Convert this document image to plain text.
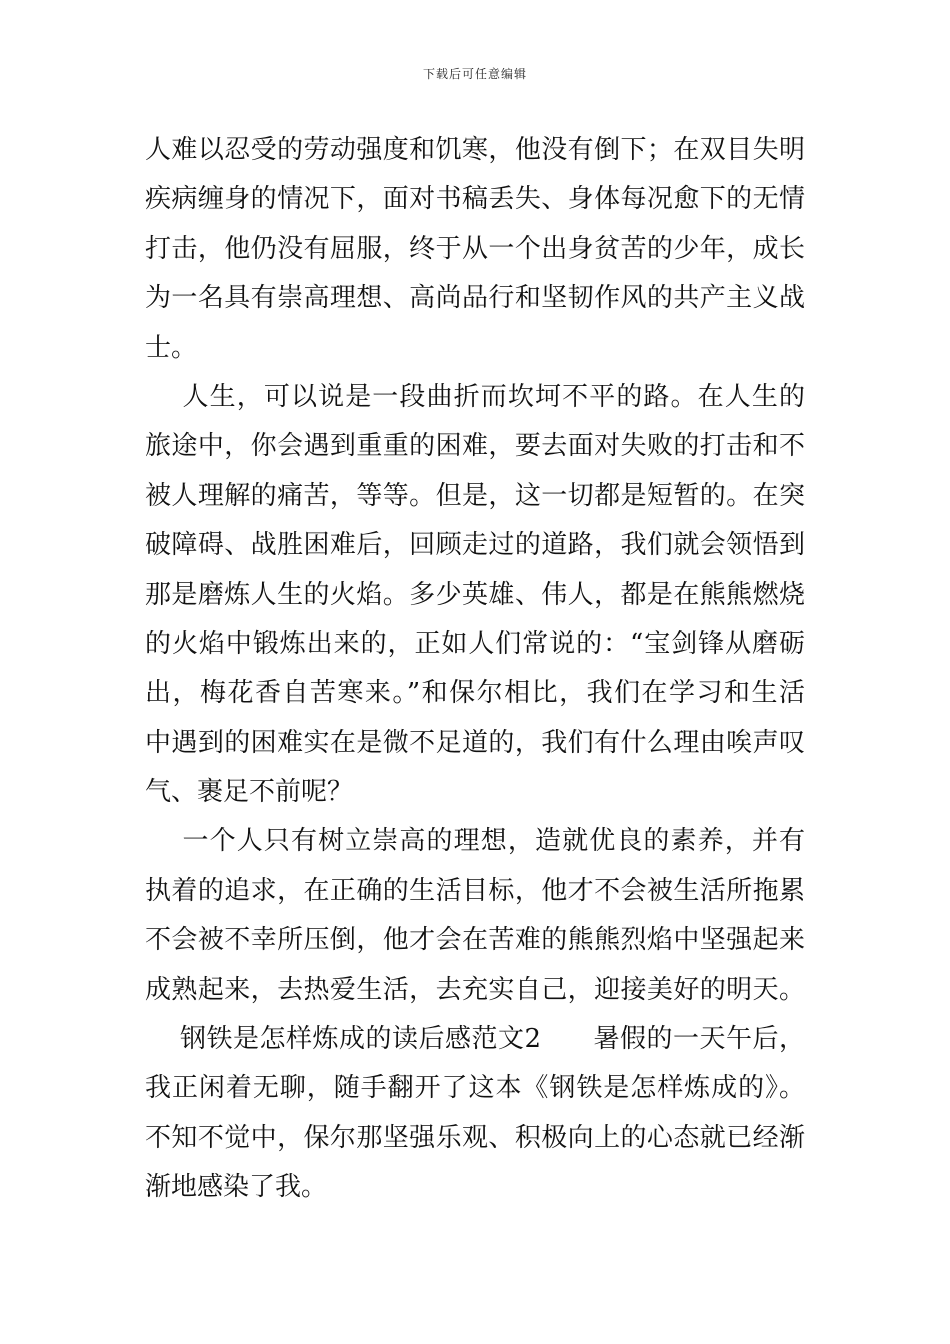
下载后可任意编辑
人难以忍受的劳动强度和饥寒，他没有倒下；在双目失明
疾病缠身的情况下，面对书稿丢失、身体每况愈下的无情
打击，他仍没有屈服，终于从一个出身贫苦的少年，成长
为一名具有崇高理想、高尚品行和坚韧作风的共产主义战
士。
人生，可以说是一段曲折而坎坷不平的路。在人生的
旅途中，你会遇到重重的困难，要去面对失败的打击和不
被人理解的痛苦，等等。但是，这一切都是短暂的。在突
破障碍、战胜困难后，回顾走过的道路，我们就会领悟到
那是磨炼人生的火焰。多少英雄、伟人，都是在熊熊燃烧
的火焰中锻炼出来的，正如人们常说的：“宝剑锋从磨砺
出，梅花香自苦寒来。”和保尔相比，我们在学习和生活
中遇到的困难实在是微不足道的，我们有什么理由唉声叹
气、裹足不前呢？
一个人只有树立崇高的理想，造就优良的素养，并有
执着的追求，在正确的生活目标，他才不会被生活所拖累
不会被不幸所压倒，他才会在苦难的熊熊烈焰中坚强起来
成熟起来，去热爱生活，去充实自己，迎接美好的明天。
钢铁是怎样炼成的读后感范文2      暑假的一天午后，
我正闲着无聊，随手翻开了这本《钢铁是怎样炼成的》。
不知不觉中，保尔那坚强乐观、积极向上的心态就已经渐
渐地感染了我。
